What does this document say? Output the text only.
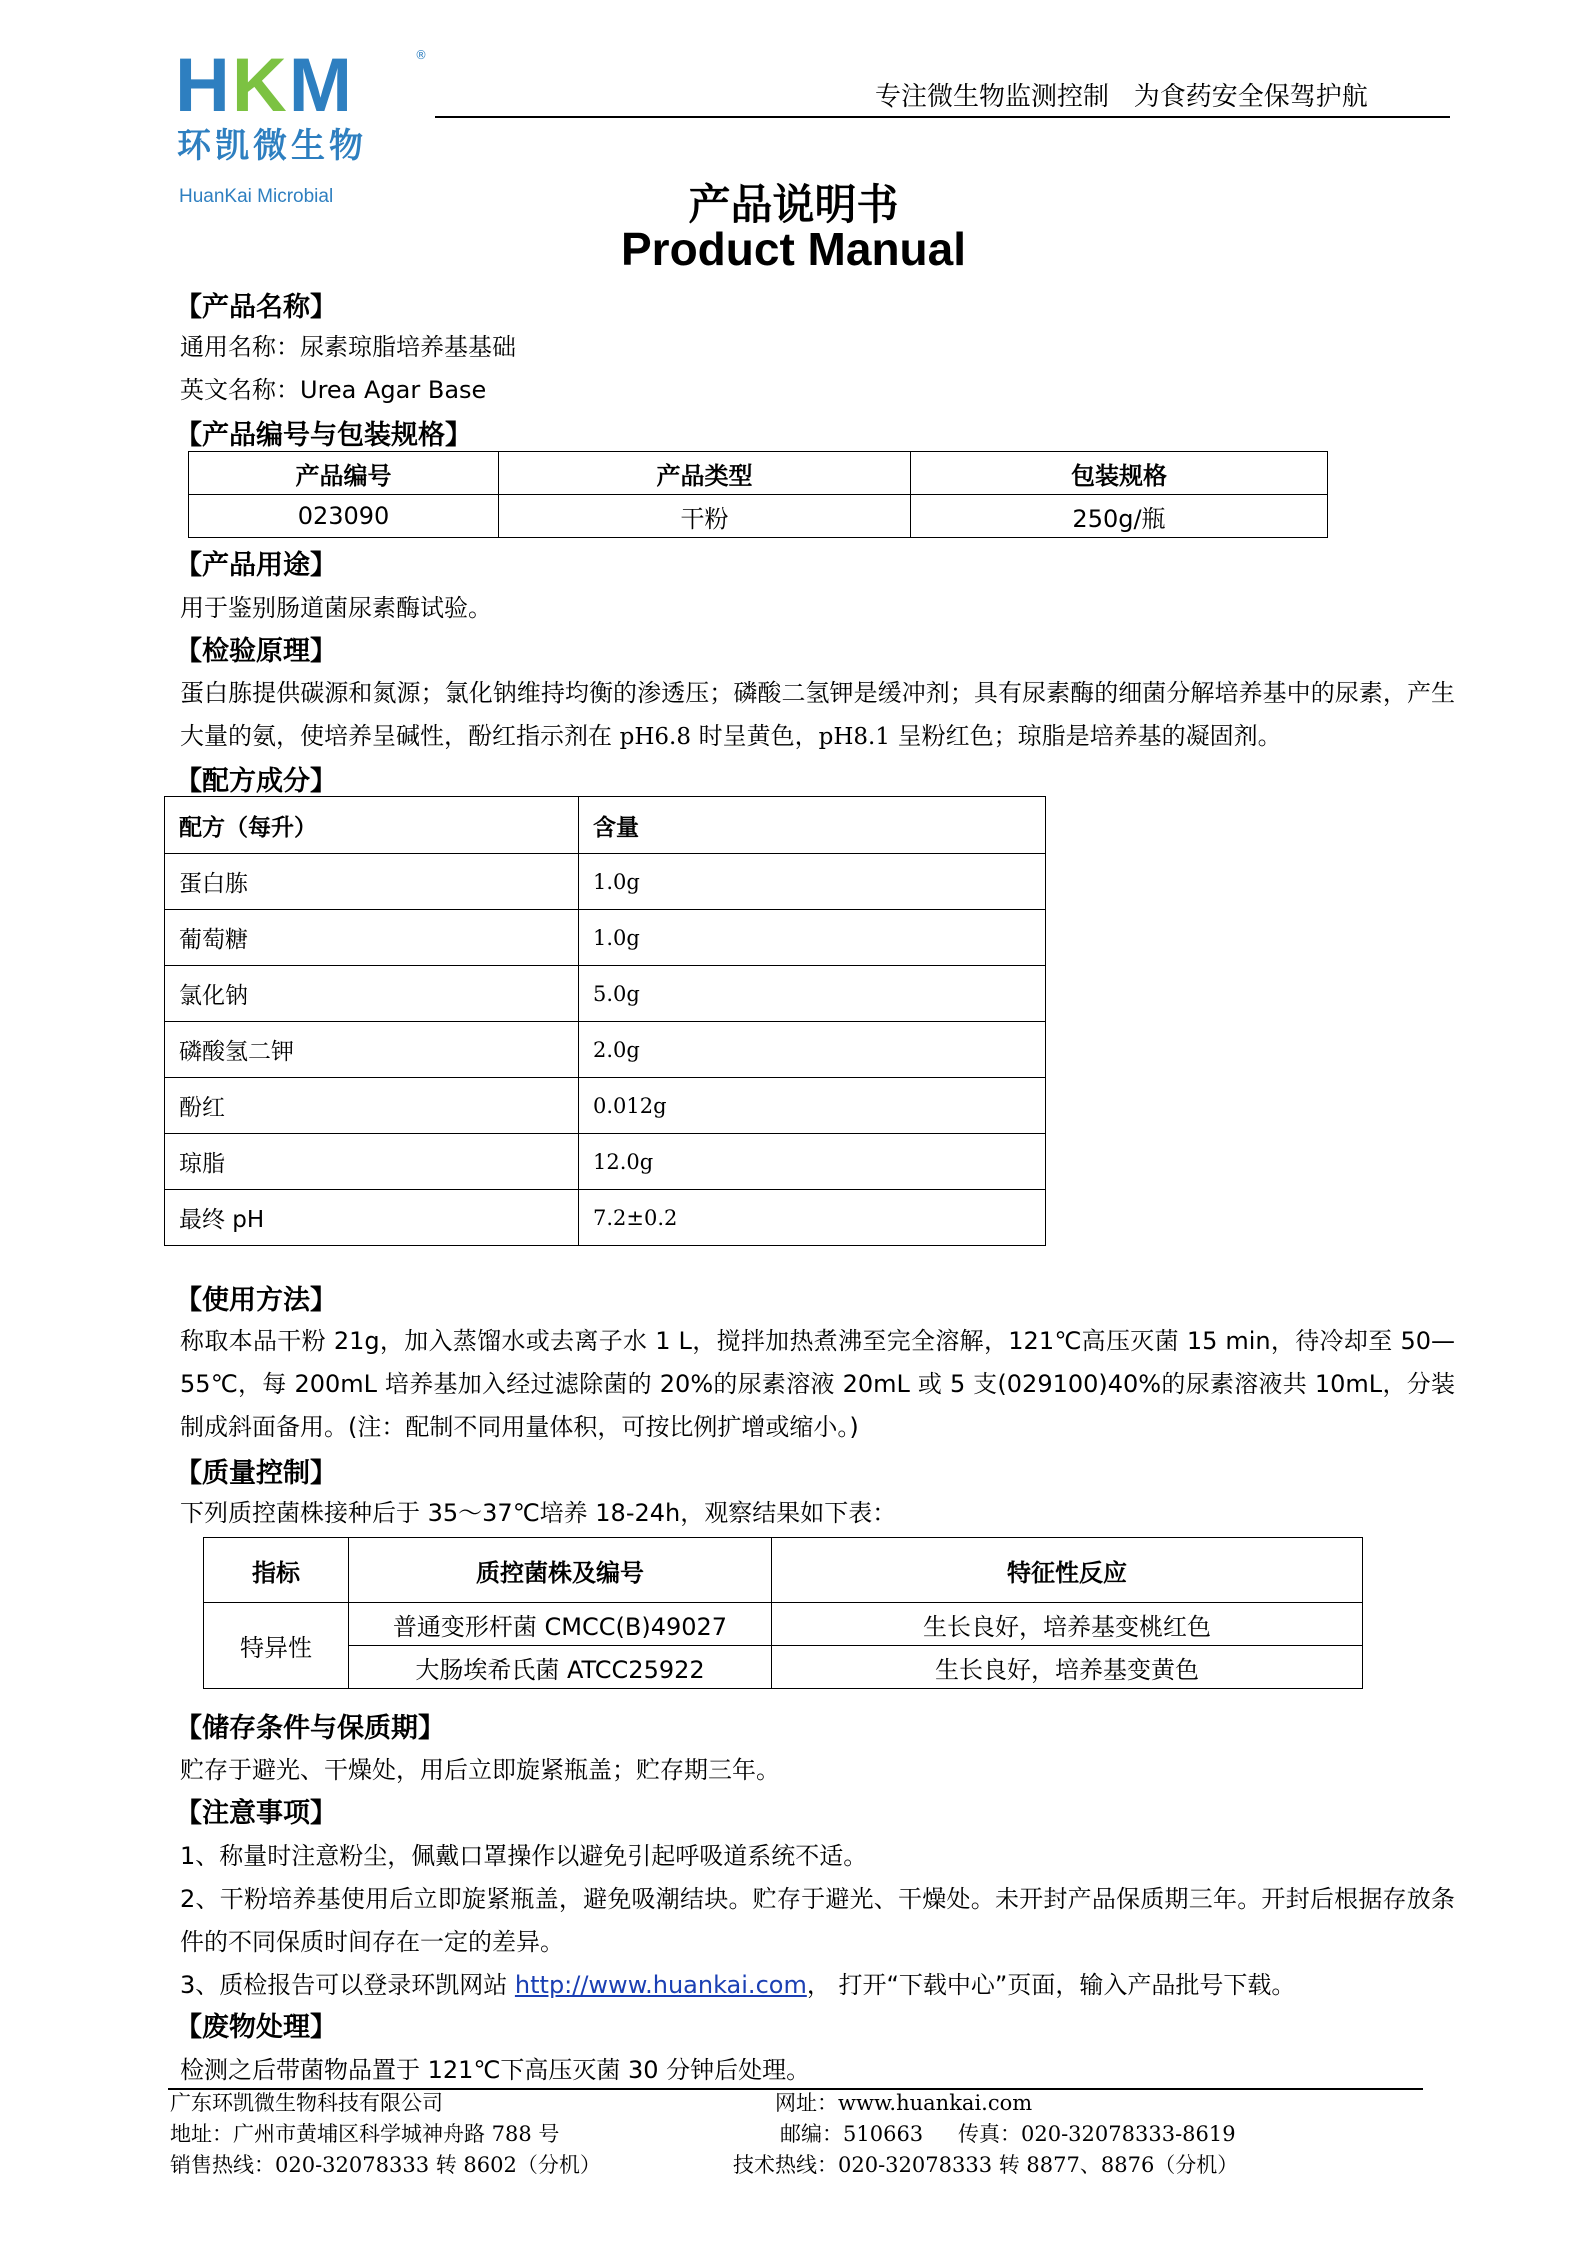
HKM	®
环凯微生物
HuanKai Microbial
专注微生物监测控制   为食药安全保驾护航
产品说明书
Product Manual
【产品名称】
通用名称：尿素琼脂培养基基础
英文名称：Urea Agar Base
【产品编号与包装规格】
产品编号	产品类型	包装规格
023090	干粉	250g/瓶
【产品用途】
用于鉴别肠道菌尿素酶试验。
【检验原理】
蛋白胨提供碳源和氮源；氯化钠维持均衡的渗透压；磷酸二氢钾是缓冲剂；具有尿素酶的细菌分解培养基中的尿素，产生大量的氨，使培养呈碱性，酚红指示剂在 pH6.8 时呈黄色，pH8.1 呈粉红色；琼脂是培养基的凝固剂。
【配方成分】
配方（每升）	含量
蛋白胨	1.0g
葡萄糖	1.0g
氯化钠	5.0g
磷酸氢二钾	2.0g
酚红	0.012g
琼脂	12.0g
最终 pH	7.2±0.2
【使用方法】
称取本品干粉 21g，加入蒸馏水或去离子水 1 L，搅拌加热煮沸至完全溶解，121℃高压灭菌 15 min，待冷却至 50—55℃，每 200mL 培养基加入经过滤除菌的 20%的尿素溶液 20mL 或 5 支(029100)40%的尿素溶液共 10mL，分装制成斜面备用。(注：配制不同用量体积，可按比例扩增或缩小。)
【质量控制】
下列质控菌株接种后于 35～37℃培养 18-24h，观察结果如下表：
指标	质控菌株及编号	特征性反应
特异性	普通变形杆菌 CMCC(B)49027	生长良好，培养基变桃红色
	大肠埃希氏菌 ATCC25922	生长良好，培养基变黄色
【储存条件与保质期】
贮存于避光、干燥处，用后立即旋紧瓶盖；贮存期三年。
【注意事项】
1、称量时注意粉尘，佩戴口罩操作以避免引起呼吸道系统不适。
2、干粉培养基使用后立即旋紧瓶盖，避免吸潮结块。贮存于避光、干燥处。未开封产品保质期三年。开封后根据存放条件的不同保质时间存在一定的差异。
3、质检报告可以登录环凯网站 http://www.huankai.com， 打开“下载中心”页面，输入产品批号下载。
【废物处理】
检测之后带菌物品置于 121℃下高压灭菌 30 分钟后处理。
广东环凯微生物科技有限公司
地址：广州市黄埔区科学城神舟路 788 号
销售热线：020-32078333 转 8602（分机）
网址：www.huankai.com
邮编：510663 传真：020-32078333-8619
技术热线：020-32078333 转 8877、8876（分机）
